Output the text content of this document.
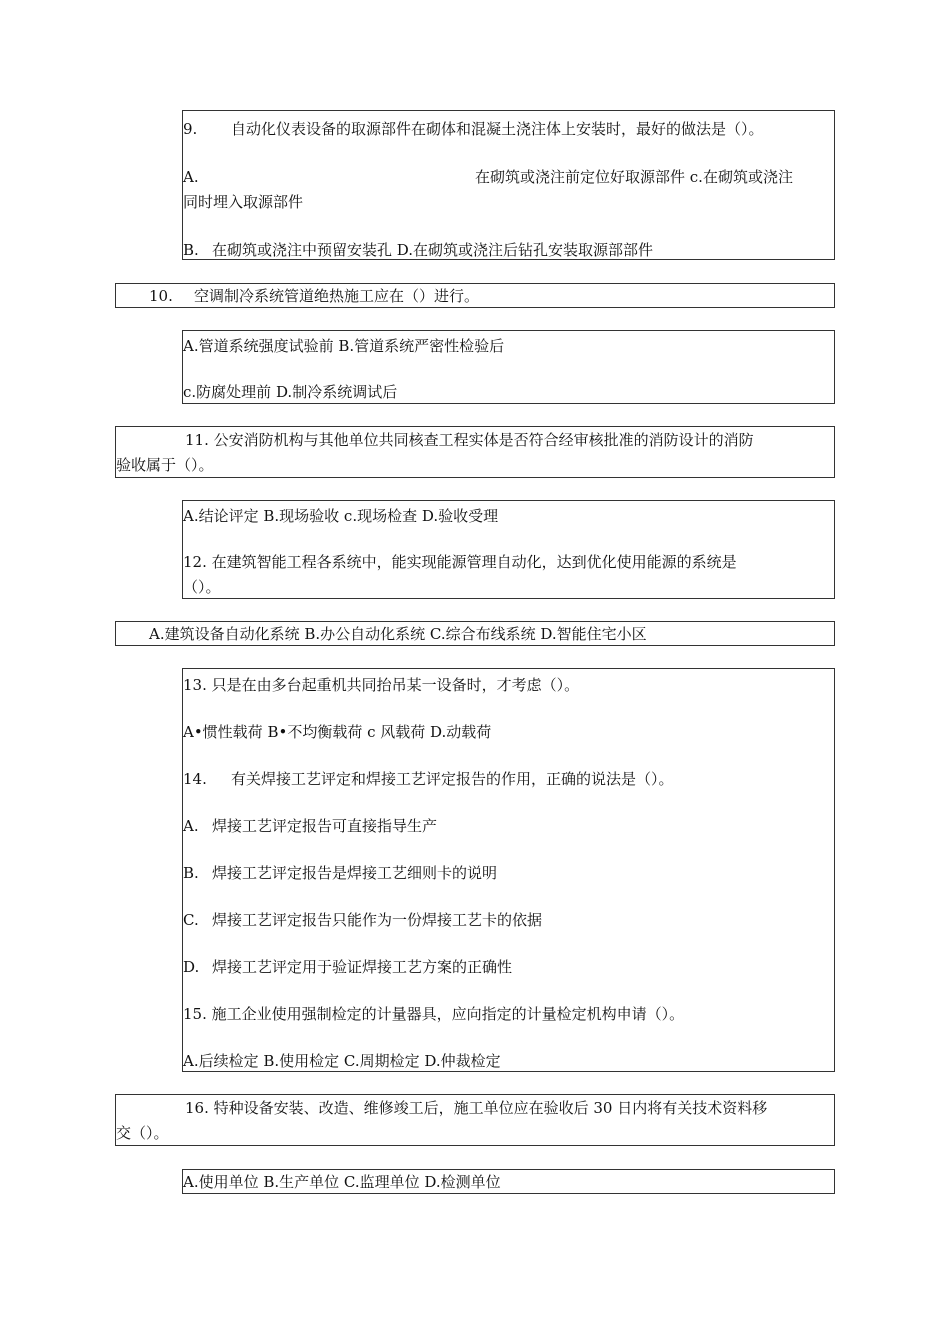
9. 自动化仪表设备的取源部件在砌体和混凝土浇注体上安装时，最好的做法是（）。
A.	在砌筑或浇注前定位好取源部件 c.在砌筑或浇注
同时埋入取源部件
B. 在砌筑或浇注中预留安装孔 D.在砌筑或浇注后钻孔安装取源部部件
10. 空调制冷系统管道绝热施工应在（）进行。
A.管道系统强度试验前 B.管道系统严密性检验后
c.防腐处理前 D.制冷系统调试后
11. 公安消防机构与其他单位共同核查工程实体是否符合经审核批准的消防设计的消防
验收属于（）。
A.结论评定 B.现场验收 c.现场检查 D.验收受理
12. 在建筑智能工程各系统中，能实现能源管理自动化，达到优化使用能源的系统是
（）。
A.建筑设备自动化系统 B.办公自动化系统 C.综合布线系统 D.智能住宅小区
13. 只是在由多台起重机共同抬吊某一设备时，才考虑（）。
A•惯性载荷 B•不均衡载荷 c 风载荷 D.动载荷
14. 有关焊接工艺评定和焊接工艺评定报告的作用，正确的说法是（）。
A. 焊接工艺评定报告可直接指导生产
B. 焊接工艺评定报告是焊接工艺细则卡的说明
C. 焊接工艺评定报告只能作为一份焊接工艺卡的依据
D. 焊接工艺评定用于验证焊接工艺方案的正确性
15. 施工企业使用强制检定的计量器具，应向指定的计量检定机构申请（）。
A.后续检定 B.使用检定 C.周期检定 D.仲裁检定
16. 特种设备安装、改造、维修竣工后，施工单位应在验收后 30 日内将有关技术资料移
交（）。
A.使用单位 B.生产单位 C.监理单位 D.检测单位
